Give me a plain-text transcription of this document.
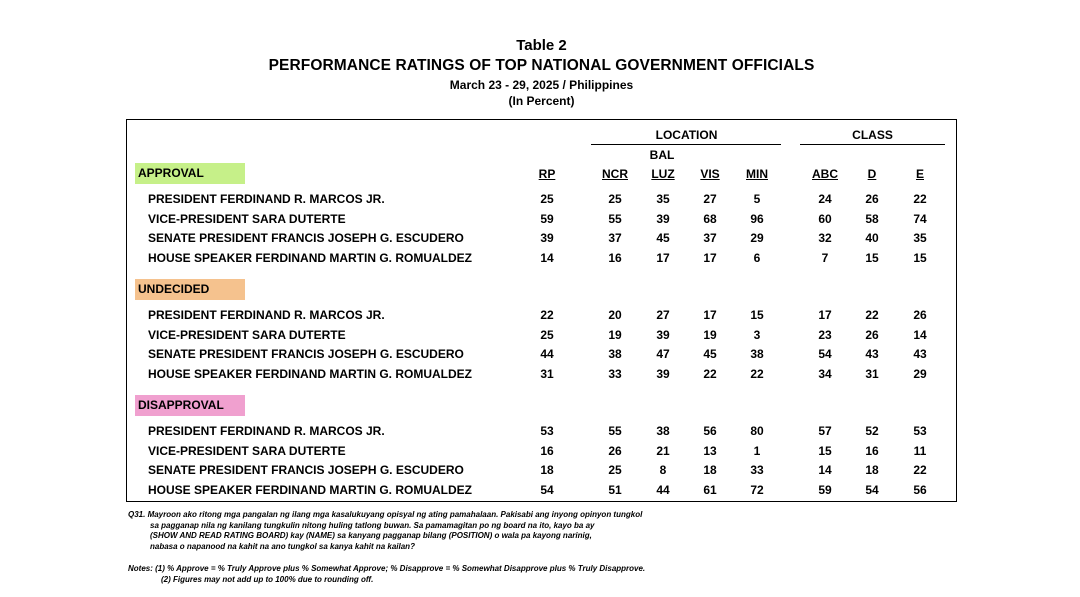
Table 2
PERFORMANCE RATINGS OF TOP NATIONAL GOVERNMENT OFFICIALS
March 23 - 29, 2025 / Philippines
(In Percent)
LOCATION	CLASS
BAL
RP	NCR	LUZ	VIS	MIN	ABC	D	E
APPROVAL
PRESIDENT FERDINAND R. MARCOS JR.	25	25	35	27	5	24	26	22
VICE-PRESIDENT SARA DUTERTE	59	55	39	68	96	60	58	74
SENATE PRESIDENT FRANCIS JOSEPH G. ESCUDERO	39	37	45	37	29	32	40	35
HOUSE SPEAKER FERDINAND MARTIN G. ROMUALDEZ	14	16	17	17	6	7	15	15
UNDECIDED
PRESIDENT FERDINAND R. MARCOS JR.	22	20	27	17	15	17	22	26
VICE-PRESIDENT SARA DUTERTE	25	19	39	19	3	23	26	14
SENATE PRESIDENT FRANCIS JOSEPH G. ESCUDERO	44	38	47	45	38	54	43	43
HOUSE SPEAKER FERDINAND MARTIN G. ROMUALDEZ	31	33	39	22	22	34	31	29
DISAPPROVAL
PRESIDENT FERDINAND R. MARCOS JR.	53	55	38	56	80	57	52	53
VICE-PRESIDENT SARA DUTERTE	16	26	21	13	1	15	16	11
SENATE PRESIDENT FRANCIS JOSEPH G. ESCUDERO	18	25	8	18	33	14	18	22
HOUSE SPEAKER FERDINAND MARTIN G. ROMUALDEZ	54	51	44	61	72	59	54	56
Q31. Mayroon ako ritong mga pangalan ng ilang mga kasalukuyang opisyal ng ating pamahalaan. Pakisabi ang inyong opinyon tungkol
sa pagganap nila ng kanilang tungkulin nitong huling tatlong buwan. Sa pamamagitan po ng board na ito, kayo ba ay
(SHOW AND READ RATING BOARD) kay (NAME) sa kanyang pagganap bilang (POSITION) o wala pa kayong narinig,
nabasa o napanood na kahit na ano tungkol sa kanya kahit na kailan?
Notes: (1) % Approve = % Truly Approve plus % Somewhat Approve; % Disapprove = % Somewhat Disapprove plus % Truly Disapprove.
(2) Figures may not add up to 100% due to rounding off.
